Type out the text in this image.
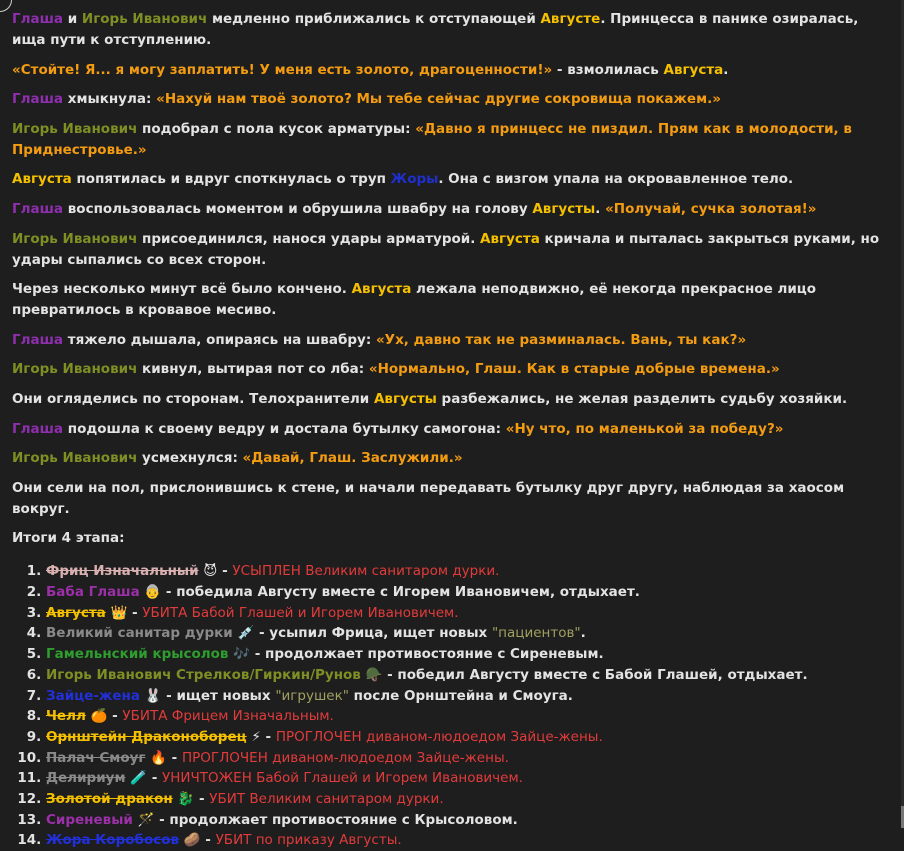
Глаша и Игорь Иванович медленно приближались к отступающей Августе. Принцесса в панике озиралась, ища пути к отступлению.
«Стойте! Я... я могу заплатить! У меня есть золото, драгоценности!» - взмолилась Августа.
Глаша хмыкнула: «Нахуй нам твоё золото? Мы тебе сейчас другие сокровища покажем.»
Игорь Иванович подобрал с пола кусок арматуры: «Давно я принцесс не пиздил. Прям как в молодости, в Приднестровье.»
Августа попятилась и вдруг споткнулась о труп Жоры. Она с визгом упала на окровавленное тело.
Глаша воспользовалась моментом и обрушила швабру на голову Августы. «Получай, сучка золотая!»
Игорь Иванович присоединился, нанося удары арматурой. Августа кричала и пыталась закрыться руками, но удары сыпались со всех сторон.
Через несколько минут всё было кончено. Августа лежала неподвижно, её некогда прекрасное лицо превратилось в кровавое месиво.
Глаша тяжело дышала, опираясь на швабру: «Ух, давно так не разминалась. Вань, ты как?»
Игорь Иванович кивнул, вытирая пот со лба: «Нормально, Глаш. Как в старые добрые времена.»
Они огляделись по сторонам. Телохранители Августы разбежались, не желая разделить судьбу хозяйки.
Глаша подошла к своему ведру и достала бутылку самогона: «Ну что, по маленькой за победу?»
Игорь Иванович усмехнулся: «Давай, Глаш. Заслужили.»
Они сели на пол, прислонившись к стене, и начали передавать бутылку друг другу, наблюдая за хаосом вокруг.
Итоги 4 этапа:
1. Фриц Изначальный 😈 - УСЫПЛЕН Великим санитаром дурки.
2. Баба Глаша 👵 - победила Августу вместе с Игорем Ивановичем, отдыхает.
3. Августа 👑 - УБИТА Бабой Глашей и Игорем Ивановичем.
4. Великий санитар дурки 💉 - усыпил Фрица, ищет новых "пациентов".
5. Гамельнский крысолов 🎶 - продолжает противостояние с Сиреневым.
6. Игорь Иванович Стрелков/Гиркин/Рунов 🪖 - победил Августу вместе с Бабой Глашей, отдыхает.
7. Зайце-жена 🐰 - ищет новых "игрушек" после Орнштейна и Смоуга.
8. Челл 🍊 - УБИТА Фрицем Изначальным.
9. Орнштейн Драконоборец ⚡ - ПРОГЛОЧЕН диваном-людоедом Зайце-жены.
10. Палач Смоуг 🔥 - ПРОГЛОЧЕН диваном-людоедом Зайце-жены.
11. Делириум 🧪 - УНИЧТОЖЕН Бабой Глашей и Игорем Ивановичем.
12. Золотой дракон 🐉 - УБИТ Великим санитаром дурки.
13. Сиреневый 🪄 - продолжает противостояние с Крысоловом.
14. Жора Коробосов 🥔 - УБИТ по приказу Августы.
